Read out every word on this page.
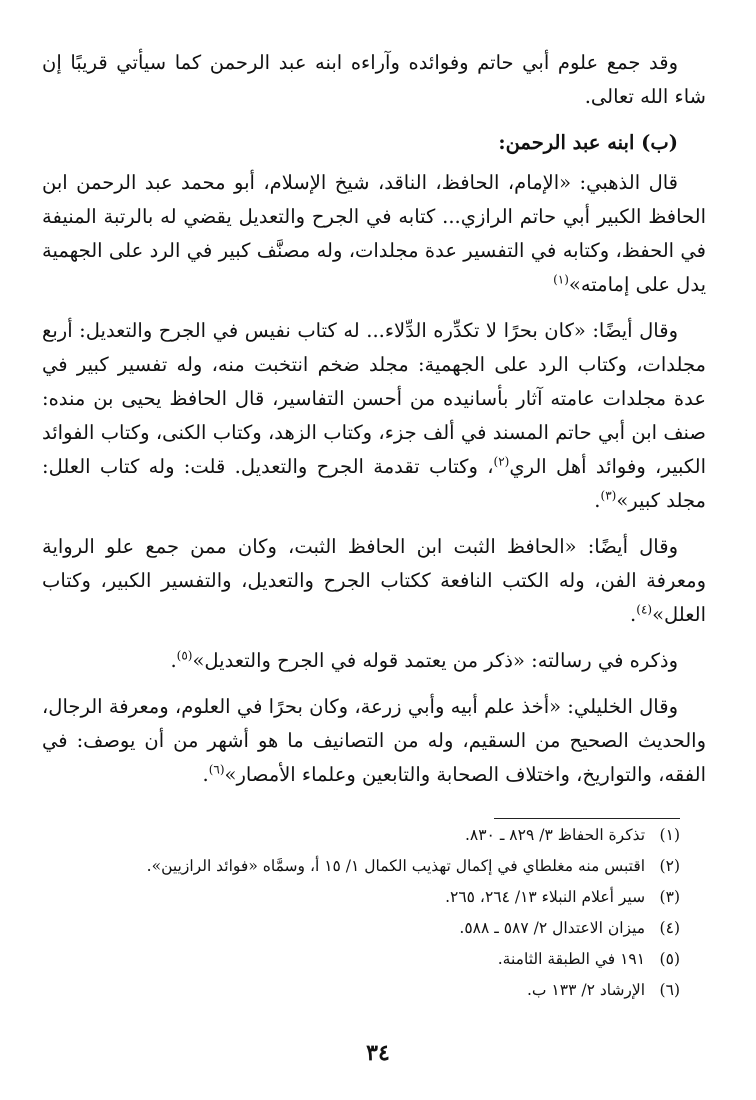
وقد جمع علوم أبي حاتم وفوائده وآراءه ابنه عبد الرحمن كما سيأتي قريبًا إن شاء الله تعالى.

(ب) ابنه عبد الرحمن:

قال الذهبي: «الإمام، الحافظ، الناقد، شيخ الإسلام، أبو محمد عبد الرحمن ابن الحافظ الكبير أبي حاتم الرازي... كتابه في الجرح والتعديل يقضي له بالرتبة المنيفة في الحفظ، وكتابه في التفسير عدة مجلدات، وله مصنَّف كبير في الرد على الجهمية يدل على إمامته»$^{(١)}$

وقال أيضًا: «كان بحرًا لا تكدِّره الدِّلاء... له كتاب نفيس في الجرح والتعديل: أربع مجلدات، وكتاب الرد على الجهمية: مجلد ضخم انتخبت منه، وله تفسير كبير في عدة مجلدات عامته آثار بأسانيده من أحسن التفاسير، قال الحافظ يحيى بن منده: صنف ابن أبي حاتم المسند في ألف جزء، وكتاب الزهد، وكتاب الكنى، وكتاب الفوائد الكبير، وفوائد أهل الري$^{(٢)}$، وكتاب تقدمة الجرح والتعديل. قلت: وله كتاب العلل: مجلد كبير»$^{(٣)}$.

وقال أيضًا: «الحافظ الثبت ابن الحافظ الثبت، وكان ممن جمع علو الرواية ومعرفة الفن، وله الكتب النافعة ككتاب الجرح والتعديل، والتفسير الكبير، وكتاب العلل»$^{(٤)}$.

وذكره في رسالته: «ذكر من يعتمد قوله في الجرح والتعديل»$^{(٥)}$.

وقال الخليلي: «أخذ علم أبيه وأبي زرعة، وكان بحرًا في العلوم، ومعرفة الرجال، والحديث الصحيح من السقيم، وله من التصانيف ما هو أشهر من أن يوصف: في الفقه، والتواريخ، واختلاف الصحابة والتابعين وعلماء الأمصار»$^{(٦)}$.

(١) تذكرة الحفاظ ٣/ ٨٢٩ ـ ٨٣٠.
(٢) اقتبس منه مغلطاي في إكمال تهذيب الكمال ١/ ١٥ أ، وسمَّاه «فوائد الرازيين».
(٣) سير أعلام النبلاء ١٣/ ٢٦٤، ٢٦٥.
(٤) ميزان الاعتدال ٢/ ٥٨٧ ـ ٥٨٨.
(٥) ١٩١ في الطبقة الثامنة.
(٦) الإرشاد ٢/ ١٣٣ ب.
٣٤
